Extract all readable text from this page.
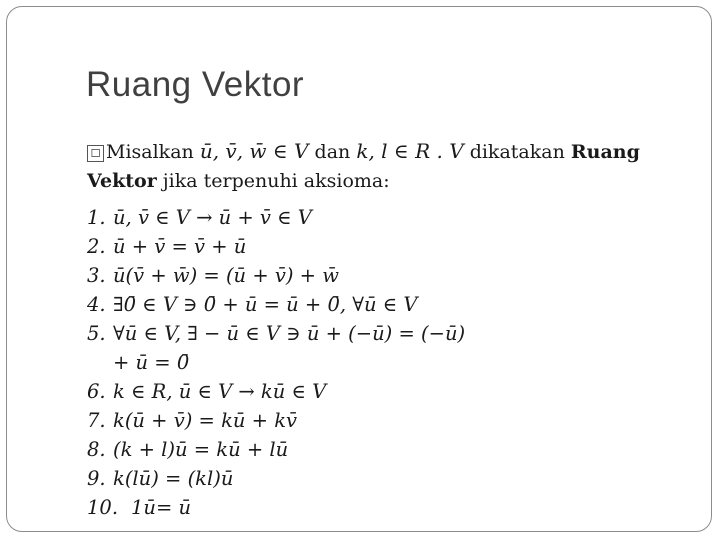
Ruang Vektor
☐ Misalkan ū, v̄, w̄ ∈ V dan k, l ∈ R . V dikatakan Ruang
Vektor jika terpenuhi aksioma:
1. ū, v̄ ∈ V → ū + v̄ ∈ V
2. ū + v̄ = v̄ + ū
3. ū(v̄ + w̄) = (ū + v̄) + w̄
4. ∃0̄ ∈ V ∋ 0̄ + ū = ū + 0̄, ∀ū ∈ V
5. ∀ū ∈ V, ∃ − ū ∈ V ∋ ū + (−ū) = (−ū) + ū = 0̄
6. k ∈ R, ū ∈ V → kū ∈ V
7. k(ū + v̄) = kū + kv̄
8. (k + l)ū = kū + lū
9. k(lū) = (kl)ū
10. 1ū= ū
